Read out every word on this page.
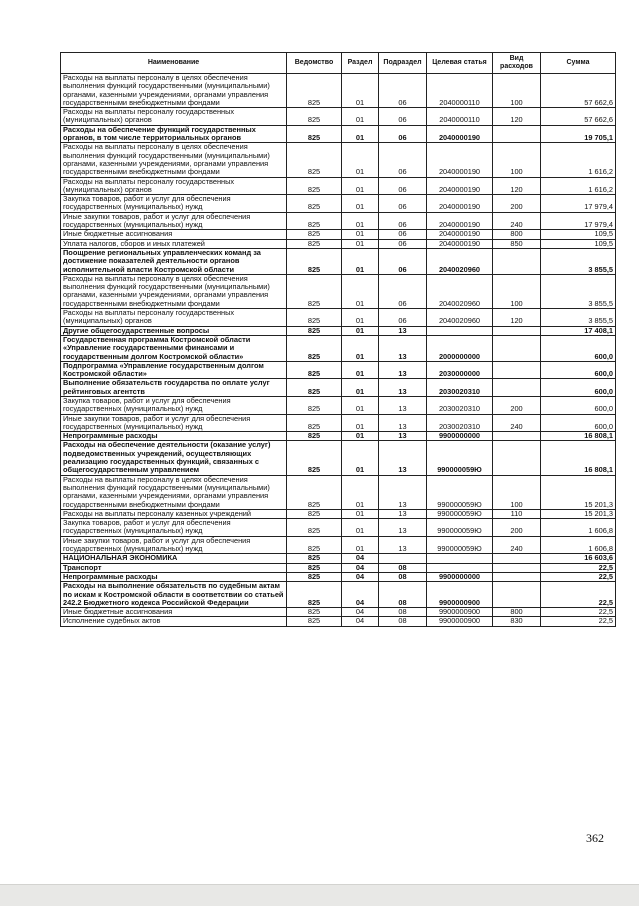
Наименование	Ведомство	Раздел	Подраздел	Целевая статья	Вид расходов	Сумма
Расходы на выплаты персоналу в целях обеспечения выполнения функций государственными (муниципальными) органами, казенными учреждениями, органами управления государственными внебюджетными фондами	825	01	06	2040000110	100	57 662,6
Расходы на выплаты персоналу государственных (муниципальных) органов	825	01	06	2040000110	120	57 662,6
Расходы на обеспечение функций государственных органов, в том числе территориальных органов	825	01	06	2040000190		19 705,1
Расходы на выплаты персоналу в целях обеспечения выполнения функций государственными (муниципальными) органами, казенными учреждениями, органами управления государственными внебюджетными фондами	825	01	06	2040000190	100	1 616,2
Расходы на выплаты персоналу государственных (муниципальных) органов	825	01	06	2040000190	120	1 616,2
Закупка товаров, работ и услуг для обеспечения государственных (муниципальных) нужд	825	01	06	2040000190	200	17 979,4
Иные закупки товаров, работ и услуг для обеспечения государственных (муниципальных) нужд	825	01	06	2040000190	240	17 979,4
Иные бюджетные ассигнования	825	01	06	2040000190	800	109,5
Уплата налогов, сборов и иных платежей	825	01	06	2040000190	850	109,5
Поощрение региональных управленческих команд за достижение показателей деятельности органов исполнительной власти Костромской области	825	01	06	2040020960		3 855,5
Расходы на выплаты персоналу в целях обеспечения выполнения функций государственными (муниципальными) органами, казенными учреждениями, органами управления государственными внебюджетными фондами	825	01	06	2040020960	100	3 855,5
Расходы на выплаты персоналу государственных (муниципальных) органов	825	01	06	2040020960	120	3 855,5
Другие общегосударственные вопросы	825	01	13			17 408,1
Государственная программа Костромской области «Управление государственными финансами и государственным долгом Костромской области»	825	01	13	2000000000		600,0
Подпрограмма «Управление государственным долгом Костромской области»	825	01	13	2030000000		600,0
Выполнение обязательств государства по оплате услуг рейтинговых агентств	825	01	13	2030020310		600,0
Закупка товаров, работ и услуг для обеспечения государственных (муниципальных) нужд	825	01	13	2030020310	200	600,0
Иные закупки товаров, работ и услуг для обеспечения государственных (муниципальных) нужд	825	01	13	2030020310	240	600,0
Непрограммные расходы	825	01	13	9900000000		16 808,1
Расходы на обеспечение деятельности (оказание услуг) подведомственных учреждений, осуществляющих реализацию государственных функций, связанных с общегосударственным управлением	825	01	13	990000059Ю		16 808,1
Расходы на выплаты персоналу в целях обеспечения выполнения функций государственными (муниципальными) органами, казенными учреждениями, органами управления государственными внебюджетными фондами	825	01	13	990000059Ю	100	15 201,3
Расходы на выплаты персоналу казенных учреждений	825	01	13	990000059Ю	110	15 201,3
Закупка товаров, работ и услуг для обеспечения государственных (муниципальных) нужд	825	01	13	990000059Ю	200	1 606,8
Иные закупки товаров, работ и услуг для обеспечения государственных (муниципальных) нужд	825	01	13	990000059Ю	240	1 606,8
НАЦИОНАЛЬНАЯ ЭКОНОМИКА	825	04				16 603,6
Транспорт	825	04	08			22,5
Непрограммные расходы	825	04	08	9900000000		22,5
Расходы на выполнение обязательств по судебным актам по искам к Костромской области в соответствии со статьей 242.2 Бюджетного кодекса Российской Федерации	825	04	08	9900000900		22,5
Иные бюджетные ассигнования	825	04	08	9900000900	800	22,5
Исполнение судебных актов	825	04	08	9900000900	830	22,5
362
